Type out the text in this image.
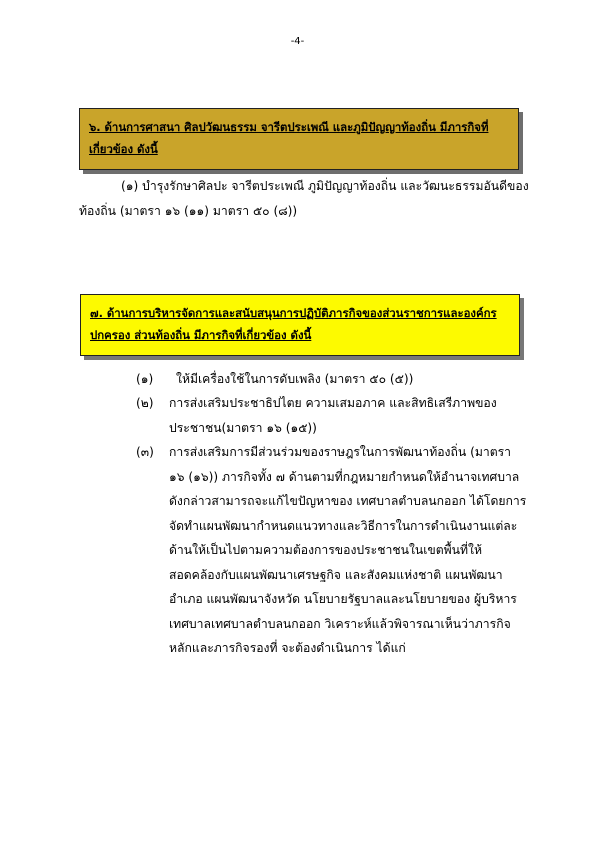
-4-
๖. ด้านการศาสนา ศิลปวัฒนธรรม จารีตประเพณี และภูมิปัญญาท้องถิ่น มีภารกิจที่เกี่ยวข้อง ดังนี้
(๑) บำรุงรักษาศิลปะ จารีตประเพณี ภูมิปัญญาท้องถิ่น และวัฒนะธรรมอันดีของท้องถิ่น (มาตรา ๑๖ (๑๑) มาตรา ๕๐ (๘))
๗. ด้านการบริหารจัดการและสนับสนุนการปฏิบัติภารกิจของส่วนราชการและองค์กรปกครอง ส่วนท้องถิ่น มีภารกิจที่เกี่ยวข้อง ดังนี้
(๑) ให้มีเครื่องใช้ในการดับเพลิง (มาตรา ๕๐ (๕))
(๒) การส่งเสริมประชาธิปไตย ความเสมอภาค และสิทธิเสรีภาพของประชาชน(มาตรา ๑๖ (๑๕))
(๓) การส่งเสริมการมีส่วนร่วมของราษฎรในการพัฒนาท้องถิ่น (มาตรา ๑๖ (๑๖)) ภารกิจทั้ง ๗ ด้านตามที่กฎหมายกำหนดให้อำนาจเทศบาลดังกล่าวสามารถจะแก้ไขปัญหาของ เทศบาลตำบลนกออก ได้โดยการจัดทำแผนพัฒนากำหนดแนวทางและวิธีการในการดำเนินงานแต่ละด้านให้เป็นไปตามความต้องการของประชาชนในเขตพื้นที่ให้สอดคล้องกับแผนพัฒนาเศรษฐกิจ และสังคมแห่งชาติ แผนพัฒนาอำเภอ แผนพัฒนาจังหวัด นโยบายรัฐบาลและนโยบายของ ผู้บริหารเทศบาลเทศบาลตำบลนกออก วิเคราะห์แล้วพิจารณาเห็นว่าภารกิจหลักและภารกิจรองที่ จะต้องดำเนินการ ได้แก่
